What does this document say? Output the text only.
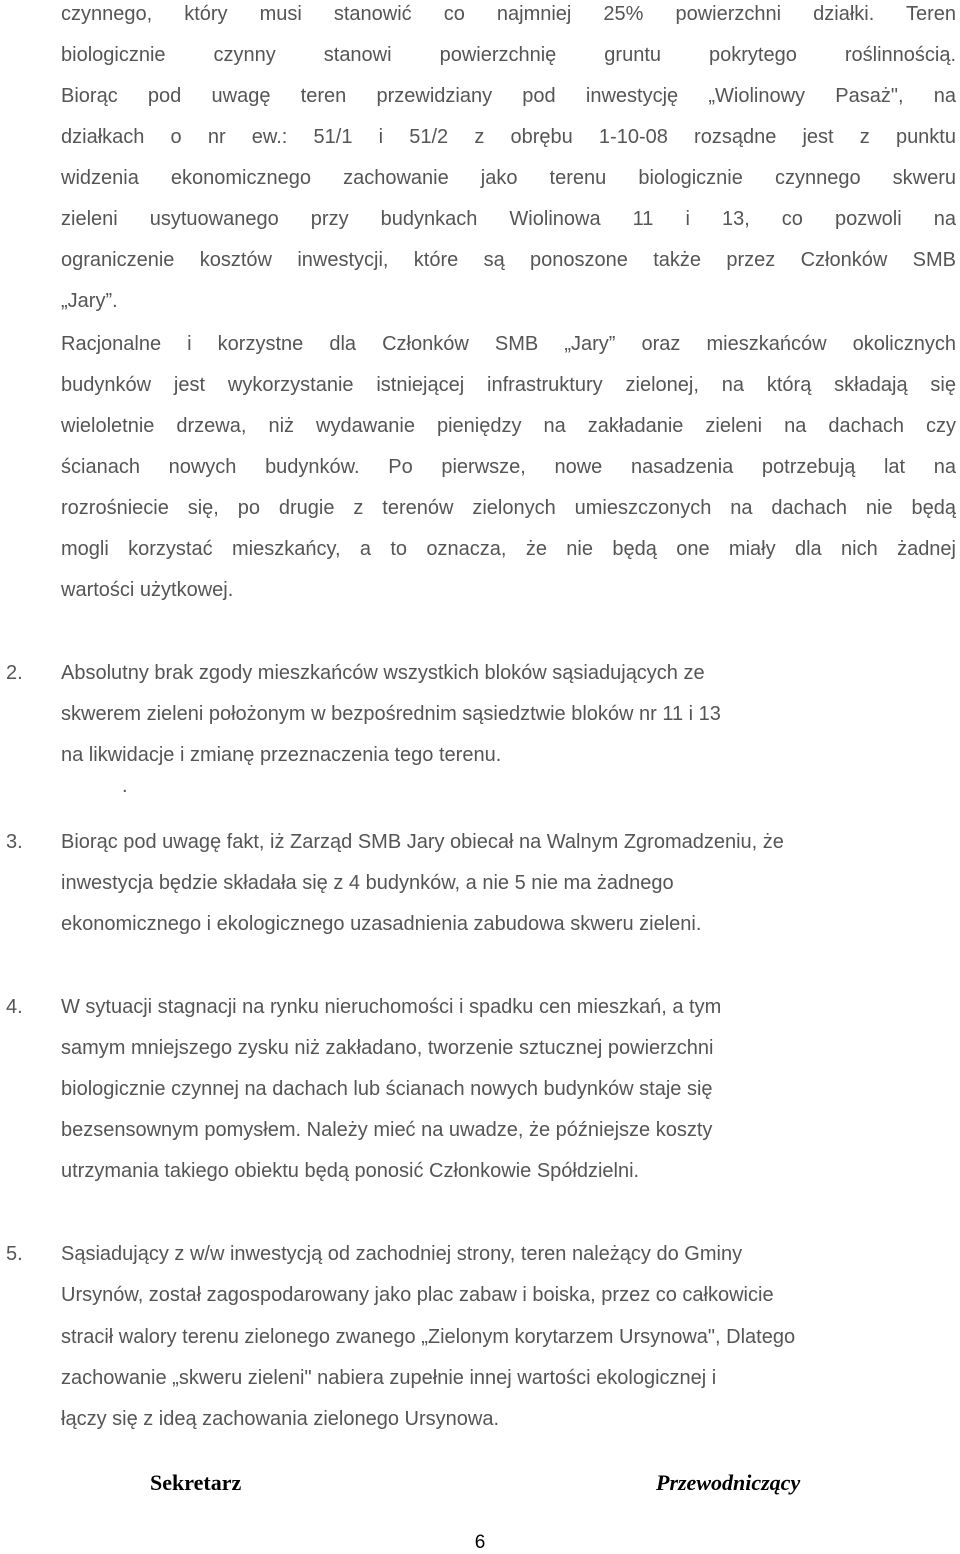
czynnego, który musi stanowić co najmniej 25% powierzchni działki. Teren

biologicznie czynny stanowi powierzchnię gruntu pokrytego roślinnością.

Biorąc pod uwagę teren przewidziany pod inwestycję „Wiolinowy Pasaż", na

działkach o nr ew.: 51/1 i 51/2 z obrębu 1-10-08 rozsądne jest z punktu

widzenia ekonomicznego zachowanie jako terenu biologicznie czynnego skweru

zieleni usytuowanego przy budynkach Wiolinowa 11 i 13, co pozwoli na

ograniczenie kosztów inwestycji, które są ponoszone także przez Członków SMB

„Jary”.

Racjonalne i korzystne dla Członków SMB „Jary” oraz mieszkańców okolicznych

budynków jest wykorzystanie istniejącej infrastruktury zielonej, na którą składają się

wieloletnie drzewa, niż wydawanie pieniędzy na zakładanie zieleni na dachach czy

ścianach nowych budynków. Po pierwsze, nowe nasadzenia potrzebują lat na

rozrośniecie się, po drugie z terenów zielonych umieszczonych na dachach nie będą

mogli korzystać mieszkańcy, a to oznacza, że nie będą one miały dla nich żadnej

wartości użytkowej.

2. Absolutny brak zgody mieszkańców wszystkich bloków sąsiadujących ze

skwerem zieleni położonym w bezpośrednim sąsiedztwie bloków nr 11 i 13

na likwidacje i zmianę przeznaczenia tego terenu.

.

3. Biorąc pod uwagę fakt, iż Zarząd SMB Jary obiecał na Walnym Zgromadzeniu, że

inwestycja będzie składała się z 4 budynków, a nie 5 nie ma żadnego

ekonomicznego i ekologicznego uzasadnienia zabudowa skweru zieleni.

4. W sytuacji stagnacji na rynku nieruchomości i spadku cen mieszkań, a tym

samym mniejszego zysku niż zakładano, tworzenie sztucznej powierzchni

biologicznie czynnej na dachach lub ścianach nowych budynków staje się

bezsensownym pomysłem. Należy mieć na uwadze, że późniejsze koszty

utrzymania takiego obiektu będą ponosić Członkowie Spółdzielni.

5. Sąsiadujący z w/w inwestycją od zachodniej strony, teren należący do Gminy

Ursynów, został zagospodarowany jako plac zabaw i boiska, przez co całkowicie

stracił walory terenu zielonego zwanego „Zielonym korytarzem Ursynowa", Dlatego

zachowanie „skweru zieleni" nabiera zupełnie innej wartości ekologicznej i

łączy się z ideą zachowania zielonego Ursynowa.

Sekretarz	Przewodniczący

6
